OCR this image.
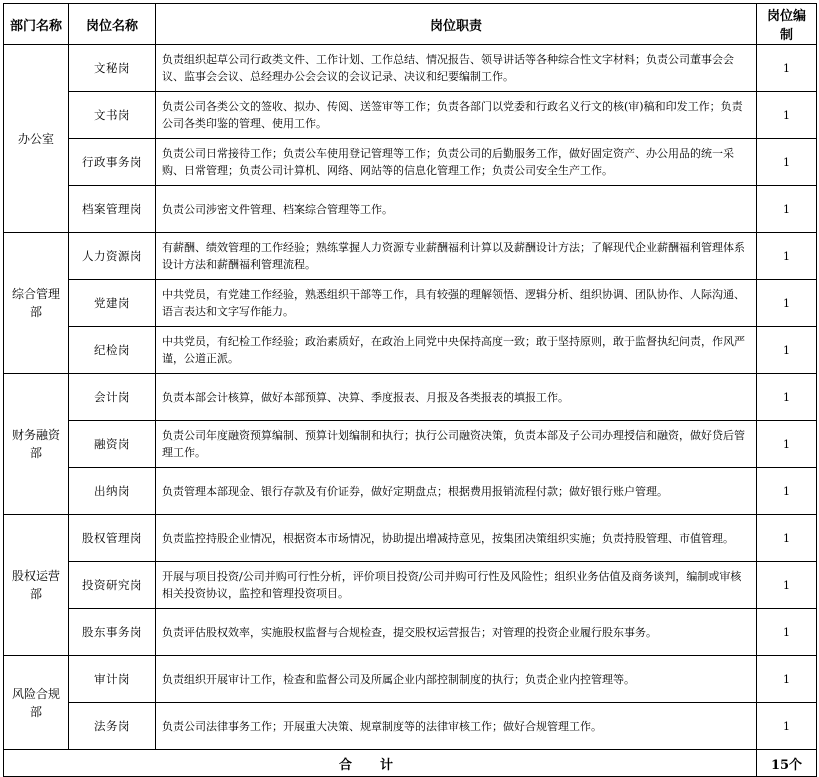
部门名称	岗位名称	岗位职责	岗位编制
办公室	文秘岗	负责组织起草公司行政类文件、工作计划、工作总结、情况报告、领导讲话等各种综合性文字材料；负责公司董事会会议、监事会会议、总经理办公会会议的会议记录、决议和纪要编制工作。	1
	文书岗	负责公司各类公文的签收、拟办、传阅、送签审等工作；负责各部门以党委和行政名义行文的核(审)稿和印发工作；负责公司各类印鉴的管理、使用工作。	1
	行政事务岗	负责公司日常接待工作；负责公车使用登记管理等工作；负责公司的后勤服务工作，做好固定资产、办公用品的统一采购、日常管理；负责公司计算机、网络、网站等的信息化管理工作；负责公司安全生产工作。	1
	档案管理岗	负责公司涉密文件管理、档案综合管理等工作。	1
综合管理部	人力资源岗	有薪酬、绩效管理的工作经验；熟练掌握人力资源专业薪酬福利计算以及薪酬设计方法；了解现代企业薪酬福利管理体系设计方法和薪酬福利管理流程。	1
	党建岗	中共党员，有党建工作经验，熟悉组织干部等工作，具有较强的理解领悟、逻辑分析、组织协调、团队协作、人际沟通、语言表达和文字写作能力。	1
	纪检岗	中共党员，有纪检工作经验；政治素质好，在政治上同党中央保持高度一致；敢于坚持原则，敢于监督执纪问责，作风严谨，公道正派。	1
财务融资部	会计岗	负责本部会计核算，做好本部预算、决算、季度报表、月报及各类报表的填报工作。	1
	融资岗	负责公司年度融资预算编制、预算计划编制和执行；执行公司融资决策，负责本部及子公司办理授信和融资，做好贷后管理工作。	1
	出纳岗	负责管理本部现金、银行存款及有价证券，做好定期盘点；根据费用报销流程付款；做好银行账户管理。	1
股权运营部	股权管理岗	负责监控持股企业情况，根据资本市场情况，协助提出增减持意见，按集团决策组织实施；负责持股管理、市值管理。	1
	投资研究岗	开展与项目投资/公司并购可行性分析，评价项目投资/公司并购可行性及风险性；组织业务估值及商务谈判，编制或审核相关投资协议，监控和管理投资项目。	1
	股东事务岗	负责评估股权效率，实施股权监督与合规检查，提交股权运营报告；对管理的投资企业履行股东事务。	1
风险合规部	审计岗	负责组织开展审计工作，检查和监督公司及所属企业内部控制制度的执行；负责企业内控管理等。	1
	法务岗	负责公司法律事务工作；开展重大决策、规章制度等的法律审核工作；做好合规管理工作。	1
合计			15个
